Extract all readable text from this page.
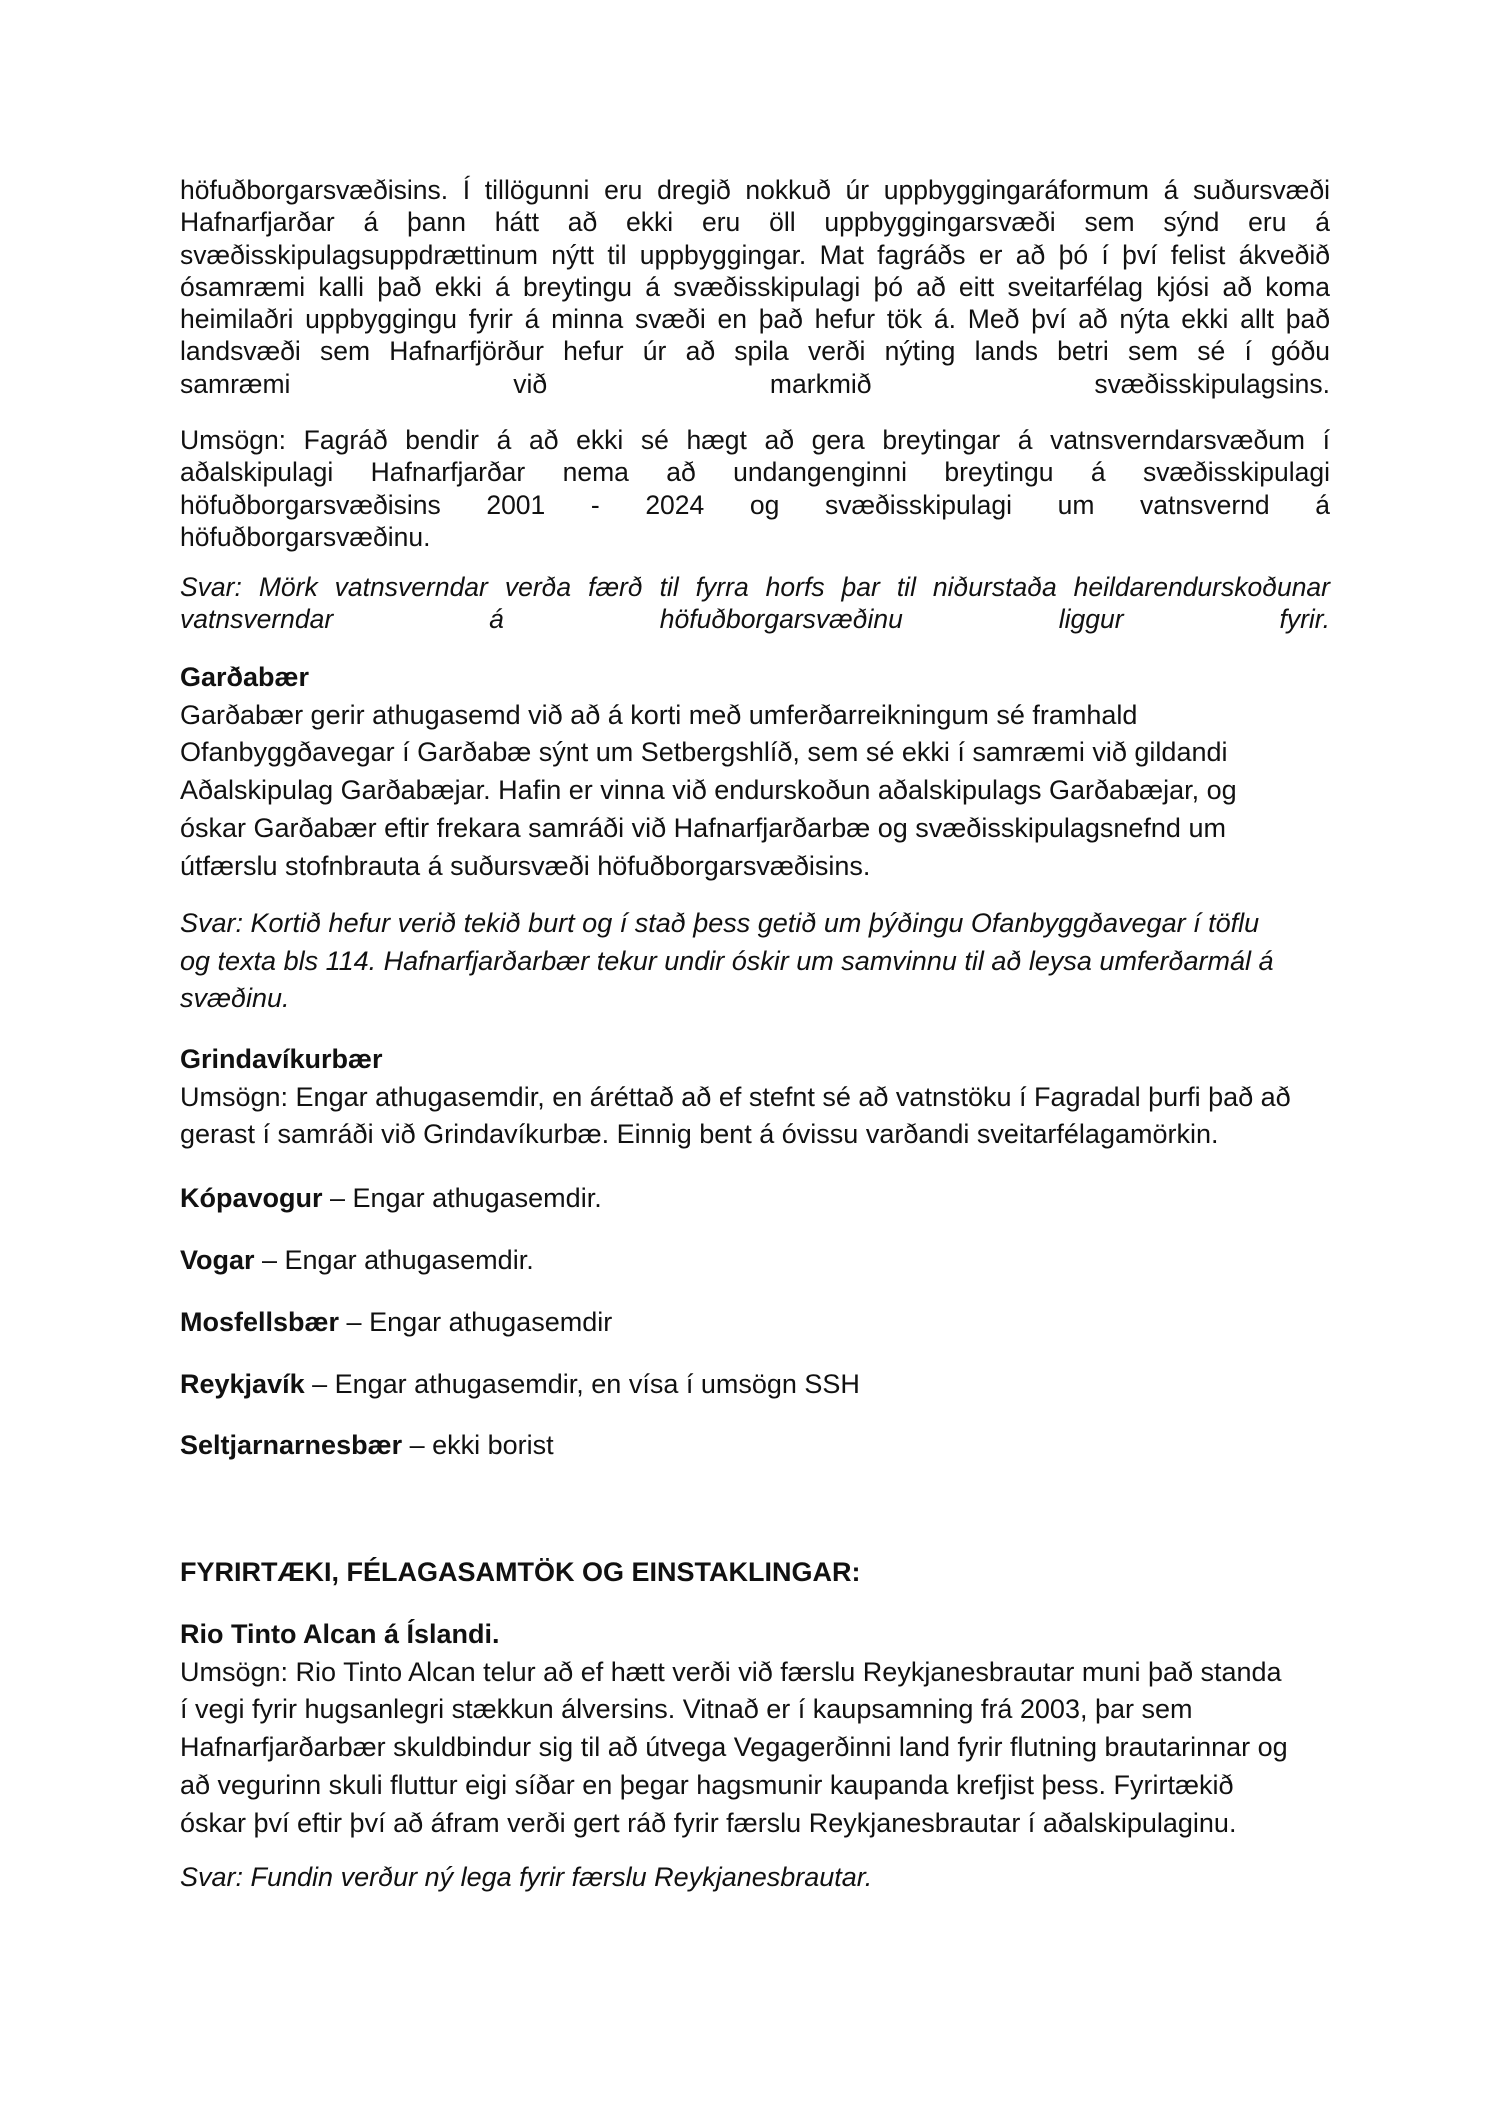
höfuðborgarsvæðisins. Í tillögunni eru dregið nokkuð úr uppbyggingaráformum á suðursvæði
Hafnarfjarðar á þann hátt að ekki eru öll uppbyggingarsvæði sem sýnd eru á
svæðisskipulagsuppdrættinum nýtt til uppbyggingar. Mat fagráðs er að þó í því felist ákveðið
ósamræmi kalli það ekki á breytingu á svæðisskipulagi þó að eitt sveitarfélag kjósi að koma
heimilaðri uppbyggingu fyrir á minna svæði en það hefur tök á. Með því að nýta ekki allt það
landsvæði sem Hafnarfjörður hefur úr að spila verði nýting lands betri sem sé í góðu
samræmi við markmið svæðisskipulagsins.
Umsögn: Fagráð bendir á að ekki sé hægt að gera breytingar á vatnsverndarsvæðum í
aðalskipulagi Hafnarfjarðar nema að undangenginni breytingu á svæðisskipulagi
höfuðborgarsvæðisins 2001 - 2024 og svæðisskipulagi um vatnsvernd á
höfuðborgarsvæðinu.
Svar: Mörk vatnsverndar verða færð til fyrra horfs þar til niðurstaða heildarendurskoðunar
vatnsverndar á höfuðborgarsvæðinu liggur fyrir.
Garðabær
Garðabær gerir athugasemd við að á korti með umferðarreikningum sé framhald
Ofanbyggðavegar í Garðabæ sýnt um Setbergshlíð, sem sé ekki í samræmi við gildandi
Aðalskipulag Garðabæjar. Hafin er vinna við endurskoðun aðalskipulags Garðabæjar, og
óskar Garðabær eftir frekara samráði við Hafnarfjarðarbæ og svæðisskipulagsnefnd um
útfærslu stofnbrauta á suðursvæði höfuðborgarsvæðisins.
Svar: Kortið hefur verið tekið burt og í stað þess getið um þýðingu Ofanbyggðavegar í töflu
og texta bls 114. Hafnarfjarðarbær tekur undir óskir um samvinnu til að leysa umferðarmál á
svæðinu.
Grindavíkurbær
Umsögn: Engar athugasemdir, en áréttað að ef stefnt sé að vatnstöku í Fagradal þurfi það að
gerast í samráði við Grindavíkurbæ. Einnig bent á óvissu varðandi sveitarfélagamörkin.
Kópavogur – Engar athugasemdir.
Vogar – Engar athugasemdir.
Mosfellsbær – Engar athugasemdir
Reykjavík – Engar athugasemdir, en vísa í umsögn SSH
Seltjarnarnesbær – ekki borist
FYRIRTÆKI, FÉLAGASAMTÖK OG EINSTAKLINGAR:
Rio Tinto Alcan á Íslandi.
Umsögn: Rio Tinto Alcan telur að ef hætt verði við færslu Reykjanesbrautar muni það standa
í vegi fyrir hugsanlegri stækkun álversins. Vitnað er í kaupsamning frá 2003, þar sem
Hafnarfjarðarbær skuldbindur sig til að útvega Vegagerðinni land fyrir flutning brautarinnar og
að vegurinn skuli fluttur eigi síðar en þegar hagsmunir kaupanda krefjist þess. Fyrirtækið
óskar því eftir því að áfram verði gert ráð fyrir færslu Reykjanesbrautar í aðalskipulaginu.
Svar: Fundin verður ný lega fyrir færslu Reykjanesbrautar.
